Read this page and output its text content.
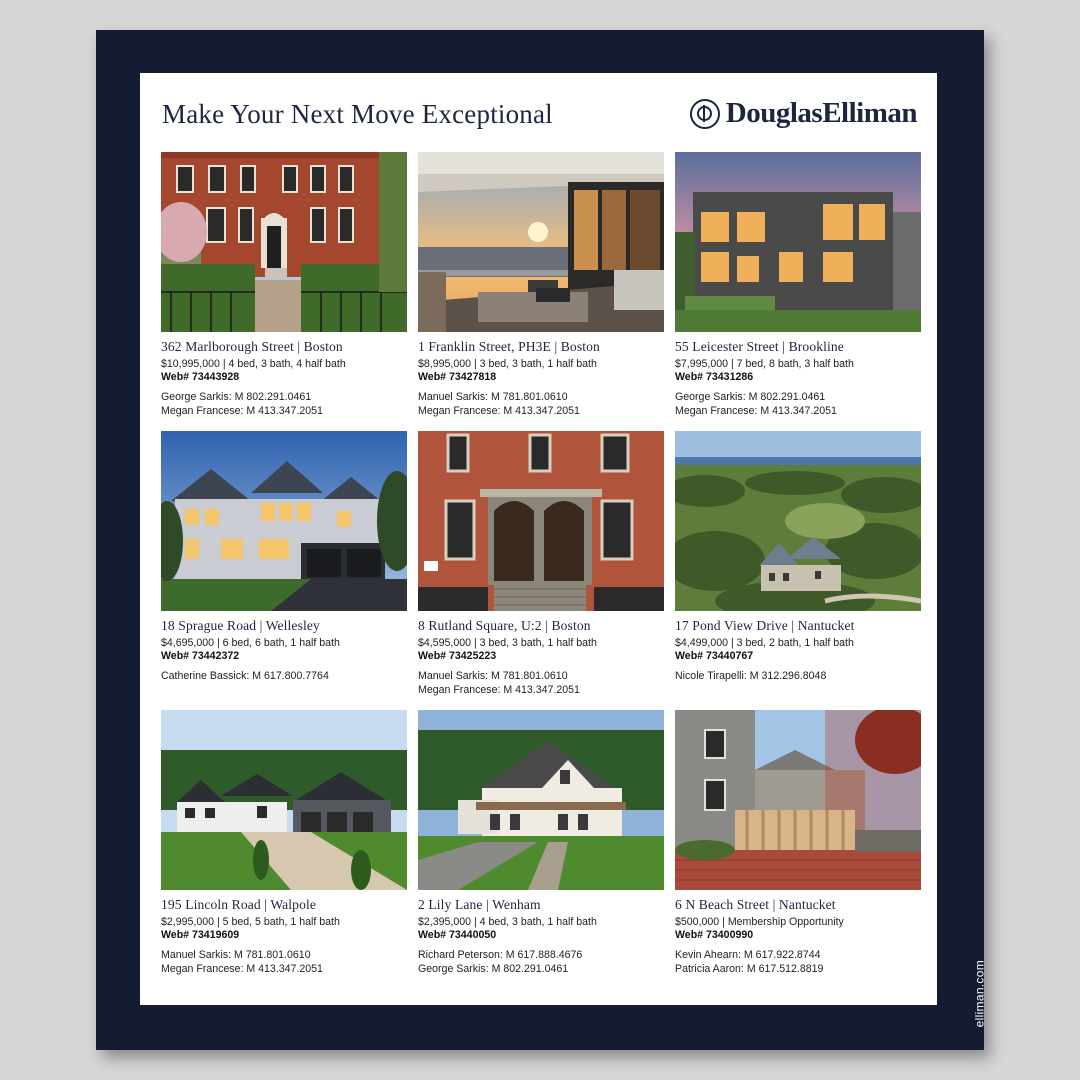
Make Your Next Move Exceptional	DouglasElliman
362 Marlborough Street | Boston
$10,995,000 | 4 bed, 3 bath, 4 half bath
Web# 73443928
George Sarkis: M 802.291.0461
Megan Francese: M 413.347.2051
1 Franklin Street, PH3E | Boston
$8,995,000 | 3 bed, 3 bath, 1 half bath
Web# 73427818
Manuel Sarkis: M 781.801.0610
Megan Francese: M 413.347.2051
55 Leicester Street | Brookline
$7,995,000 | 7 bed, 8 bath, 3 half bath
Web# 73431286
George Sarkis: M 802.291.0461
Megan Francese: M 413.347.2051
18 Sprague Road | Wellesley
$4,695,000 | 6 bed, 6 bath, 1 half bath
Web# 73442372
Catherine Bassick: M 617.800.7764
8 Rutland Square, U:2 | Boston
$4,595,000 | 3 bed, 3 bath, 1 half bath
Web# 73425223
Manuel Sarkis: M 781.801.0610
Megan Francese: M 413.347.2051
17 Pond View Drive | Nantucket
$4,499,000 | 3 bed, 2 bath, 1 half bath
Web# 73440767
Nicole Tirapelli: M 312.296.8048
195 Lincoln Road | Walpole
$2,995,000 | 5 bed, 5 bath, 1 half bath
Web# 73419609
Manuel Sarkis: M 781.801.0610
Megan Francese: M 413.347.2051
2 Lily Lane | Wenham
$2,395,000 | 4 bed, 3 bath, 1 half bath
Web# 73440050
Richard Peterson: M 617.888.4676
George Sarkis: M 802.291.0461
6 N Beach Street | Nantucket
$500,000 | Membership Opportunity
Web# 73400990
Kevin Ahearn: M 617.922.8744
Patricia Aaron: M 617.512.8819	elliman.com
